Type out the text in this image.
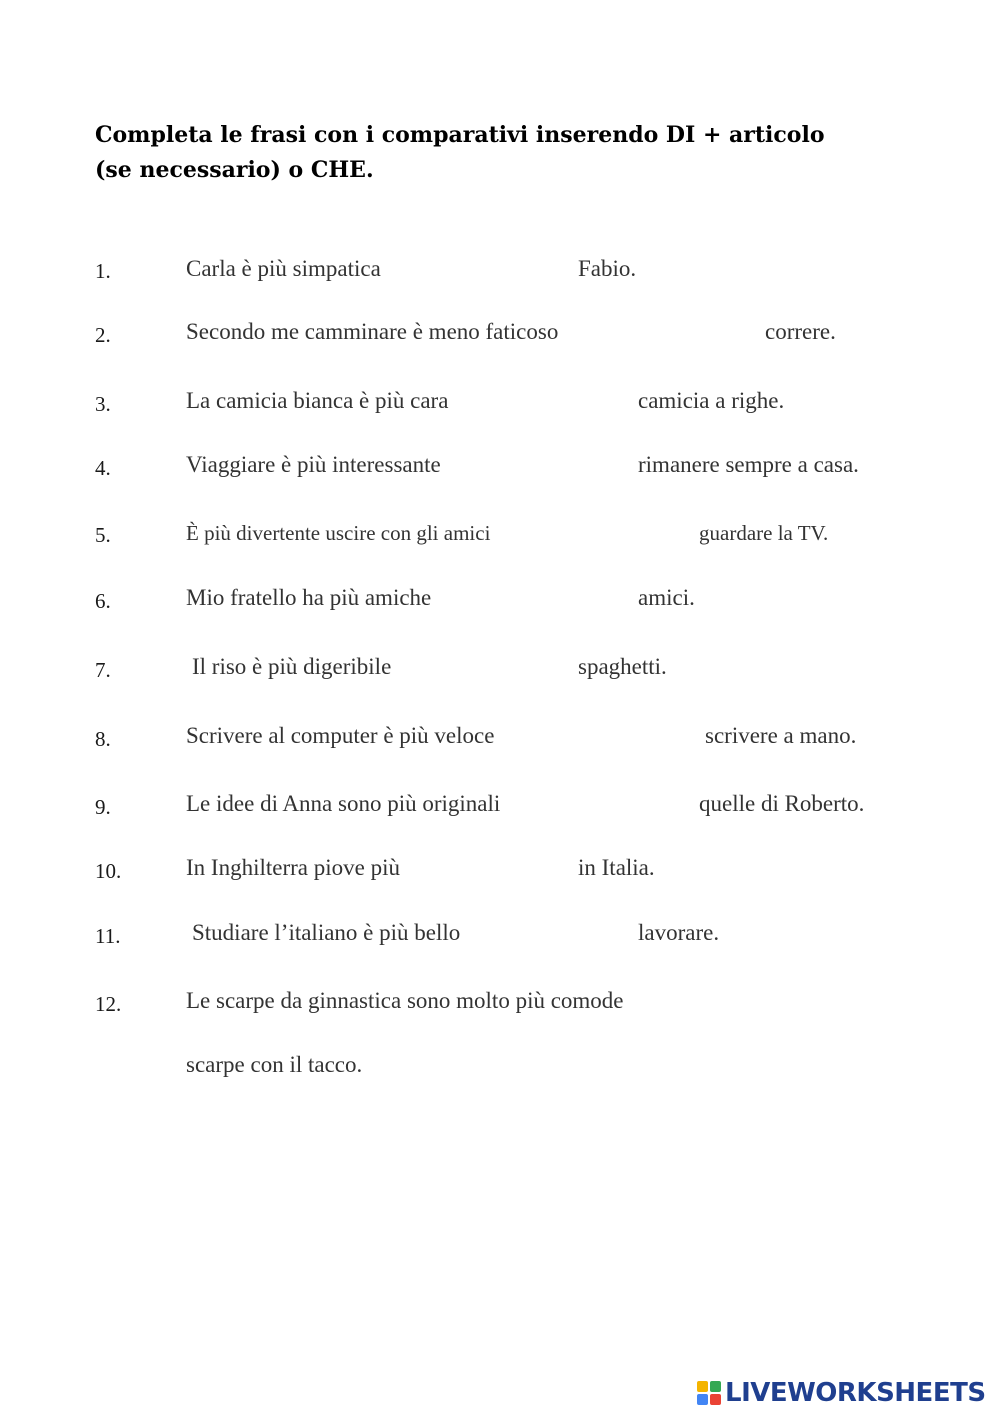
Completa le frasi con i comparativi inserendo DI + articolo (se necessario) o CHE.
1.	Carla è più simpatica	Fabio.
2.	Secondo me camminare è meno faticoso	correre.
3.	La camicia bianca è più cara	camicia a righe.
4.	Viaggiare è più interessante	rimanere sempre a casa.
5.	È più divertente uscire con gli amici	guardare la TV.
6.	Mio fratello ha più amiche	amici.
7.	Il riso è più digeribile	spaghetti.
8.	Scrivere al computer è più veloce	scrivere a mano.
9.	Le idee di Anna sono più originali	quelle di Roberto.
10.	In Inghilterra piove più	in Italia.
11.	Studiare l’italiano è più bello	lavorare.
12.	Le scarpe da ginnastica sono molto più comode
scarpe con il tacco.
LIVEWORKSHEETS
